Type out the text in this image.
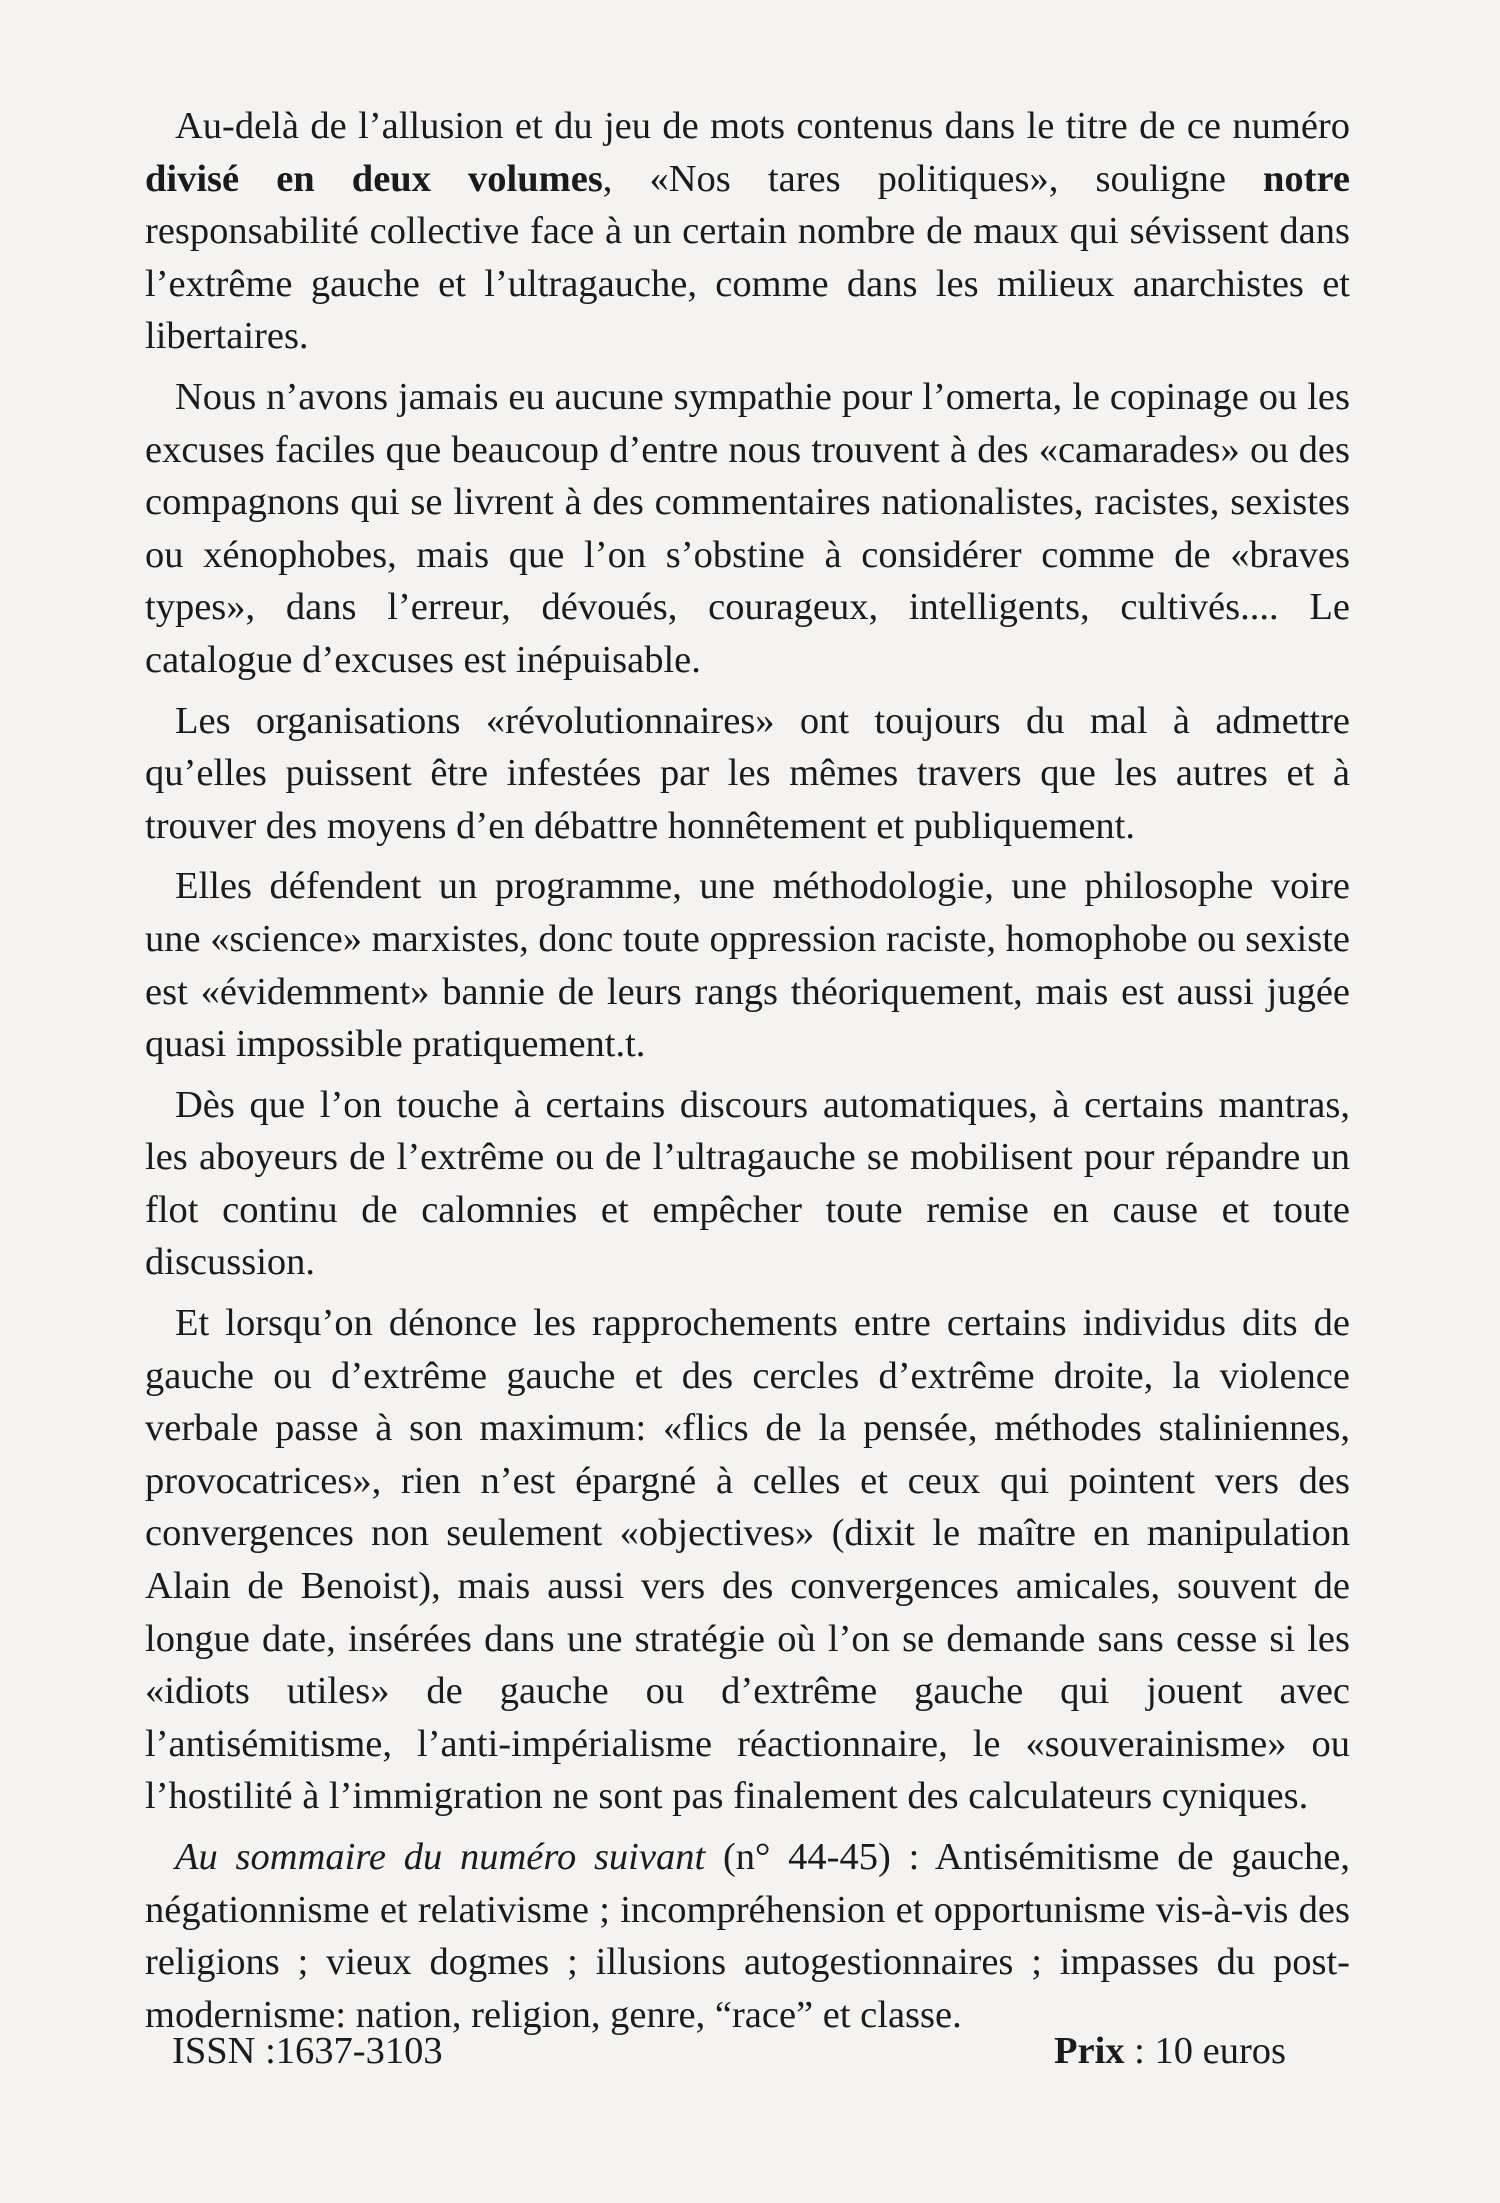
Au-delà de l’allusion et du jeu de mots contenus dans le titre de ce numéro divisé en deux volumes, «Nos tares politiques», souligne notre responsabilité collective face à un certain nombre de maux qui sévissent dans l’extrême gauche et l’ultragauche, comme dans les milieux anarchistes et libertaires.

Nous n’avons jamais eu aucune sympathie pour l’omerta, le copinage ou les excuses faciles que beaucoup d’entre nous trouvent à des «camarades» ou des compagnons qui se livrent à des commentaires nationalistes, racistes, sexistes ou xénophobes, mais que l’on s’obstine à considérer comme de «braves types», dans l’erreur, dévoués, courageux, intelligents, cultivés.... Le catalogue d’excuses est inépuisable.

Les organisations «révolutionnaires» ont toujours du mal à admettre qu’elles puissent être infestées par les mêmes travers que les autres et à trouver des moyens d’en débattre honnêtement et publiquement.

Elles défendent un programme, une méthodologie, une philosophe voire une «science» marxistes, donc toute oppression raciste, homophobe ou sexiste est «évidemment» bannie de leurs rangs théoriquement, mais est aussi jugée quasi impossible pratiquement.t.

Dès que l’on touche à certains discours automatiques, à certains mantras, les aboyeurs de l’extrême ou de l’ultragauche se mobilisent pour répandre un flot continu de calomnies et empêcher toute remise en cause et toute discussion.

Et lorsqu’on dénonce les rapprochements entre certains individus dits de gauche ou d’extrême gauche et des cercles d’extrême droite, la violence verbale passe à son maximum: «flics de la pensée, méthodes staliniennes, provocatrices», rien n’est épargné à celles et ceux qui pointent vers des convergences non seulement «objectives» (dixit le maître en manipulation Alain de Benoist), mais aussi vers des convergences amicales, souvent de longue date, insérées dans une stratégie où l’on se demande sans cesse si les «idiots utiles» de gauche ou d’extrême gauche qui jouent avec l’antisémitisme, l’anti-impérialisme réactionnaire, le «souverainisme» ou l’hostilité à l’immigration ne sont pas finalement des calculateurs cyniques.

Au sommaire du numéro suivant (n° 44-45) : Antisémitisme de gauche, négationnisme et relativisme ; incompréhension et opportunisme vis-à-vis des religions ; vieux dogmes ; illusions autogestionnaires ; impasses du post-modernisme: nation, religion, genre, “race” et classe.

ISSN :1637-3103	Prix : 10 euros
